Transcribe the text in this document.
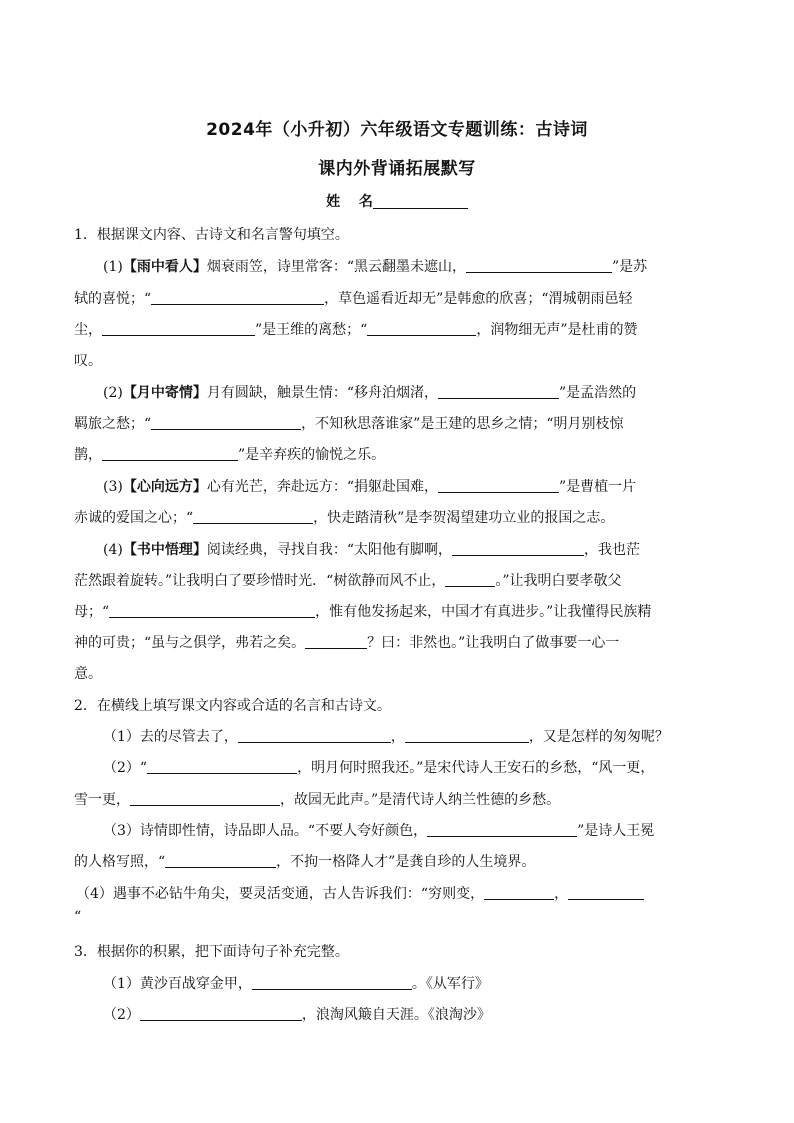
2024年（小升初）六年级语文专题训练：古诗词
课内外背诵拓展默写
姓　 名
1．根据课文内容、古诗文和名言警句填空。
(1)【雨中看人】烟衰雨笠，诗里常客：“黑云翻墨未遮山，	”是苏
轼的喜悦；“	，草色遥看近却无”是韩愈的欣喜；“渭城朝雨邑轻
尘，	”是王维的离愁；“	，润物细无声”是杜甫的赞
叹。
(2)【月中寄情】月有圆缺，触景生情：“移舟泊烟渚，	”是孟浩然的
羁旅之愁；“	，不知秋思落谁家”是王建的思乡之情；“明月别枝惊
鹊，	”是辛弃疾的愉悦之乐。
(3)【心向远方】心有光芒，奔赴远方：“捐躯赴国难，	”是曹植一片
赤诚的爱国之心；“	，快走踏清秋”是李贺渴望建功立业的报国之志。
(4)【书中悟理】阅读经典，寻找自我：“太阳他有脚啊，	，我也茫
茫然跟着旋转。”让我明白了要珍惜时光．“树欲静而风不止，	。”让我明白要孝敬父
母；“	，惟有他发扬起来，中国才有真进步。”让我懂得民族精
神的可贵；“虽与之俱学，弗若之矣。	？曰：非然也。”让我明白了做事要一心一
意。
2．在横线上填写课文内容或合适的名言和古诗文。
（1）去的尽管去了，	，	，又是怎样的匆匆呢？
（2）“	，明月何时照我还。”是宋代诗人王安石的乡愁，“风一更，
雪一更，	，故园无此声。”是清代诗人纳兰性德的乡愁。
（3）诗情即性情，诗品即人品。“不要人夸好颜色，	”是诗人王冕
的人格写照，“	，不拘一格降人才”是龚自珍的人生境界。
（4）遇事不必钻牛角尖，要灵活变通，古人告诉我们：“穷则变，	，
“
3．根据你的积累，把下面诗句子补充完整。
（1）黄沙百战穿金甲，	。《从军行》
（2）	，浪淘风簸自天涯。《浪淘沙》
